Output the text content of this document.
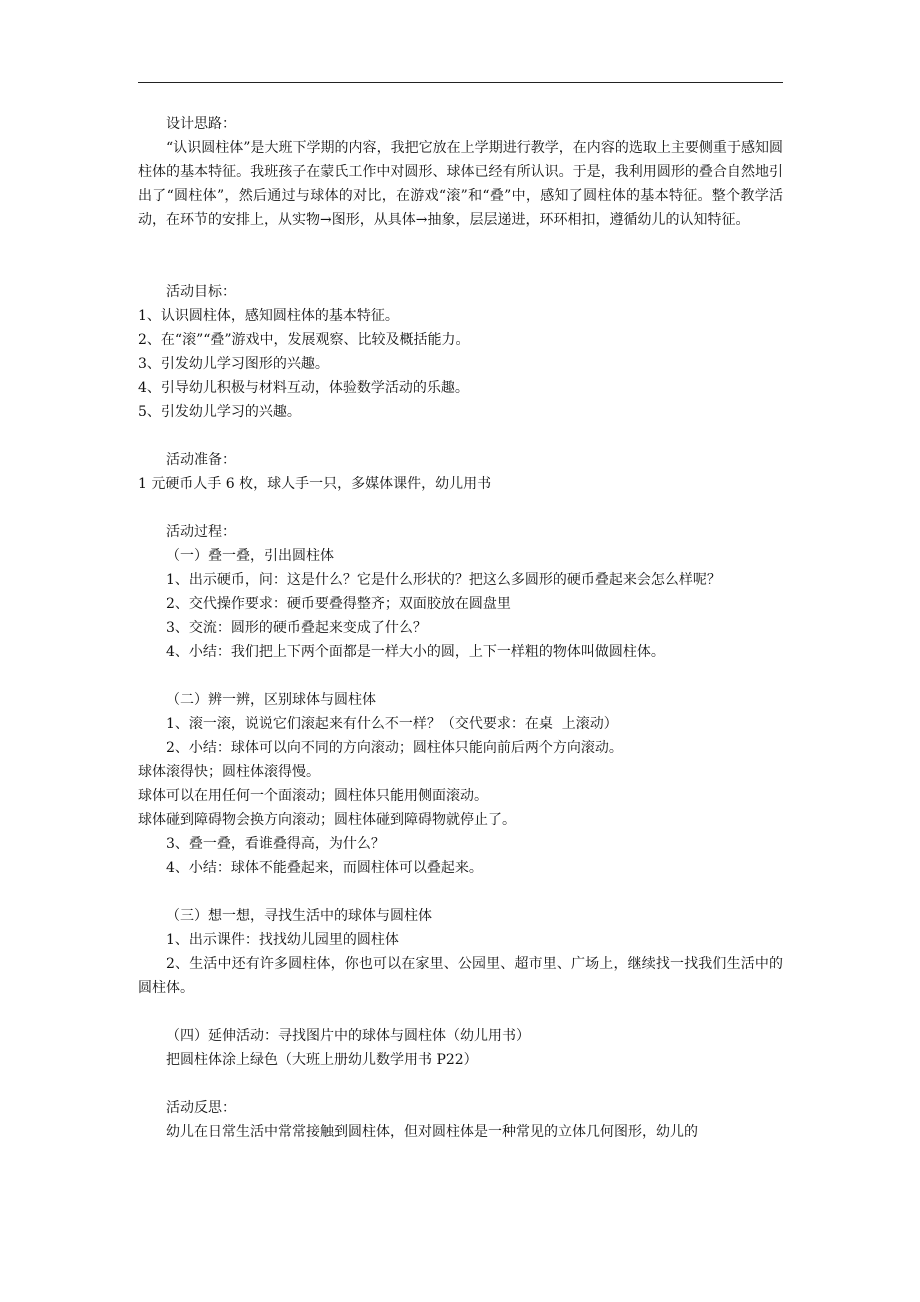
设计思路：

“认识圆柱体”是大班下学期的内容，我把它放在上学期进行教学，在内容的选取上主要侧重于感知圆柱体的基本特征。我班孩子在蒙氏工作中对圆形、球体已经有所认识。于是，我利用圆形的叠合自然地引出了“圆柱体”，然后通过与球体的对比，在游戏“滚”和“叠”中，感知了圆柱体的基本特征。整个教学活动，在环节的安排上，从实物→图形，从具体→抽象，层层递进，环环相扣，遵循幼儿的认知特征。

活动目标：

1、认识圆柱体，感知圆柱体的基本特征。

2、在“滚”“叠”游戏中，发展观察、比较及概括能力。

3、引发幼儿学习图形的兴趣。

4、引导幼儿积极与材料互动，体验数学活动的乐趣。

5、引发幼儿学习的兴趣。

活动准备：

1 元硬币人手 6 枚，球人手一只，多媒体课件，幼儿用书

活动过程：

（一）叠一叠，引出圆柱体

1、出示硬币，问：这是什么？它是什么形状的？把这么多圆形的硬币叠起来会怎么样呢？

2、交代操作要求：硬币要叠得整齐；双面胶放在圆盘里

3、交流：圆形的硬币叠起来变成了什么？

4、小结：我们把上下两个面都是一样大小的圆，上下一样粗的物体叫做圆柱体。

（二）辨一辨，区别球体与圆柱体

1、滚一滚，说说它们滚起来有什么不一样？（交代要求：在桌  上滚动）

2、小结：球体可以向不同的方向滚动；圆柱体只能向前后两个方向滚动。

球体滚得快；圆柱体滚得慢。

球体可以在用任何一个面滚动；圆柱体只能用侧面滚动。

球体碰到障碍物会换方向滚动；圆柱体碰到障碍物就停止了。

3、叠一叠，看谁叠得高，为什么？

4、小结：球体不能叠起来，而圆柱体可以叠起来。

（三）想一想，寻找生活中的球体与圆柱体

1、出示课件：找找幼儿园里的圆柱体

2、生活中还有许多圆柱体，你也可以在家里、公园里、超市里、广场上，继续找一找我们生活中的圆柱体。

（四）延伸活动：寻找图片中的球体与圆柱体（幼儿用书）

把圆柱体涂上绿色（大班上册幼儿数学用书 P22）

活动反思：

幼儿在日常生活中常常接触到圆柱体，但对圆柱体是一种常见的立体几何图形，幼儿的
